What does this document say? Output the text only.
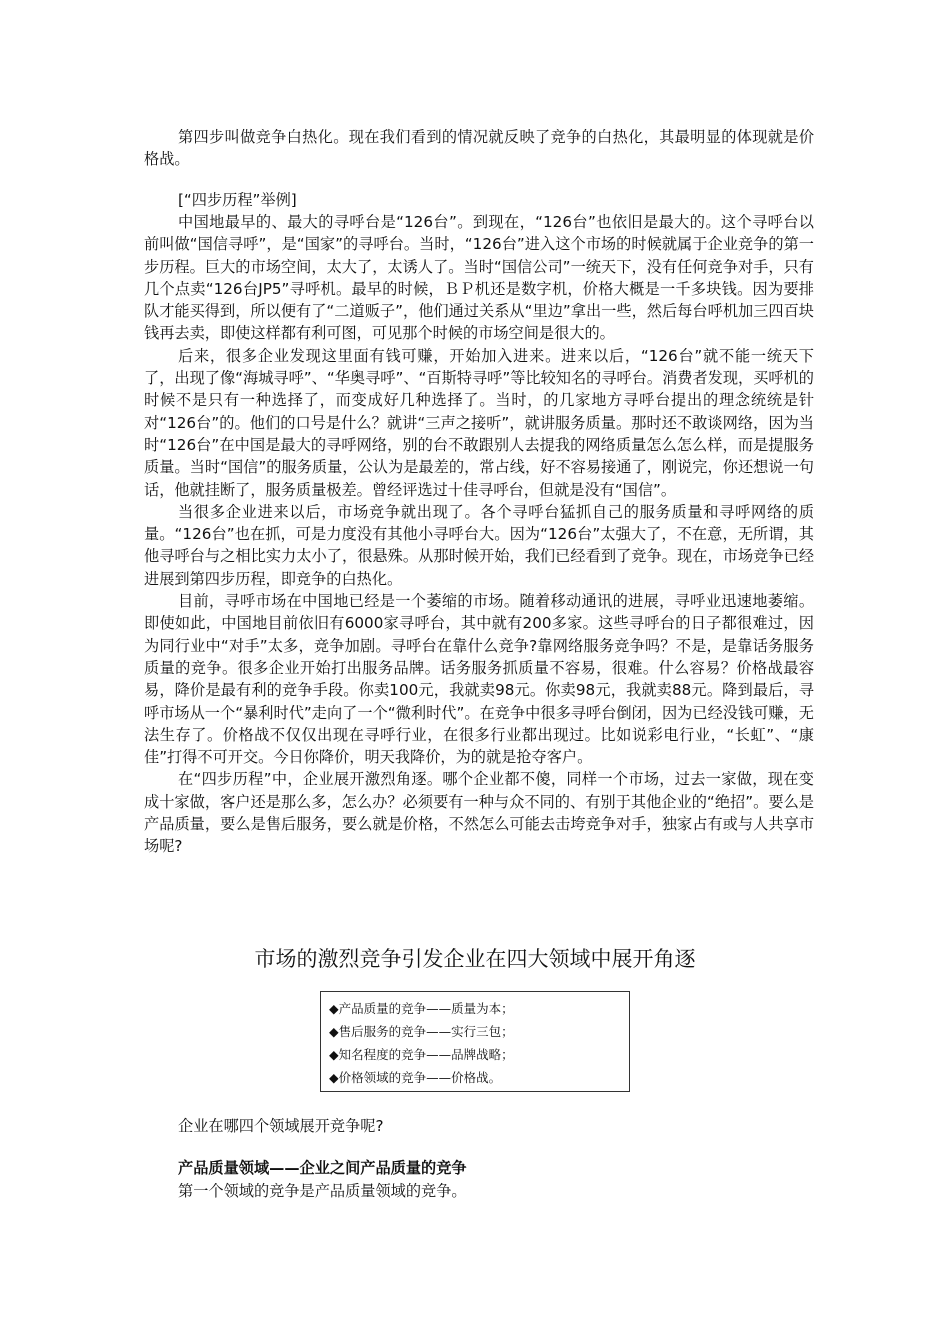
第四步叫做竞争白热化。现在我们看到的情况就反映了竞争的白热化，其最明显的体现就是价格战。

[“四步历程”举例]

中国地最早的、最大的寻呼台是“126台”。到现在，“126台”也依旧是最大的。这个寻呼台以前叫做“国信寻呼”，是“国家”的寻呼台。当时，“126台”进入这个市场的时候就属于企业竞争的第一步历程。巨大的市场空间，太大了，太诱人了。当时“国信公司”一统天下，没有任何竞争对手，只有几个点卖“126台JP5”寻呼机。最早的时候，ＢＰ机还是数字机，价格大概是一千多块钱。因为要排队才能买得到，所以便有了“二道贩子”，他们通过关系从“里边”拿出一些，然后每台呼机加三四百块钱再去卖，即使这样都有利可图，可见那个时候的市场空间是很大的。

后来，很多企业发现这里面有钱可赚，开始加入进来。进来以后，“126台”就不能一统天下了，出现了像“海城寻呼”、“华奥寻呼”、“百斯特寻呼”等比较知名的寻呼台。消费者发现，买呼机的时候不是只有一种选择了，而变成好几种选择了。当时，的几家地方寻呼台提出的理念统统是针对“126台”的。他们的口号是什么？就讲“三声之接听”，就讲服务质量。那时还不敢谈网络，因为当时“126台”在中国是最大的寻呼网络，别的台不敢跟别人去提我的网络质量怎么怎么样，而是提服务质量。当时“国信”的服务质量，公认为是最差的，常占线，好不容易接通了，刚说完，你还想说一句话，他就挂断了，服务质量极差。曾经评选过十佳寻呼台，但就是没有“国信”。

当很多企业进来以后，市场竞争就出现了。各个寻呼台猛抓自己的服务质量和寻呼网络的质量。“126台”也在抓，可是力度没有其他小寻呼台大。因为“126台”太强大了，不在意，无所谓，其他寻呼台与之相比实力太小了，很悬殊。从那时候开始，我们已经看到了竞争。现在，市场竞争已经进展到第四步历程，即竞争的白热化。

目前，寻呼市场在中国地已经是一个萎缩的市场。随着移动通讯的进展，寻呼业迅速地萎缩。即使如此，中国地目前依旧有6000家寻呼台，其中就有200多家。这些寻呼台的日子都很难过，因为同行业中“对手”太多，竞争加剧。寻呼台在靠什么竞争?靠网络服务竞争吗？不是，是靠话务服务质量的竞争。很多企业开始打出服务品牌。话务服务抓质量不容易，很难。什么容易？价格战最容易，降价是最有利的竞争手段。你卖100元，我就卖98元。你卖98元，我就卖88元。降到最后，寻呼市场从一个“暴利时代”走向了一个“微利时代”。在竞争中很多寻呼台倒闭，因为已经没钱可赚，无法生存了。价格战不仅仅出现在寻呼行业，在很多行业都出现过。比如说彩电行业，“长虹”、“康佳”打得不可开交。今日你降价，明天我降价，为的就是抢夺客户。

在“四步历程”中，企业展开激烈角逐。哪个企业都不傻，同样一个市场，过去一家做，现在变成十家做，客户还是那么多，怎么办？必须要有一种与众不同的、有别于其他企业的“绝招”。要么是产品质量，要么是售后服务，要么就是价格，不然怎么可能去击垮竞争对手，独家占有或与人共享市场呢?

市场的激烈竞争引发企业在四大领域中展开角逐
◆产品质量的竞争——质量为本；
◆售后服务的竞争——实行三包；
◆知名程度的竞争——品牌战略；
◆价格领域的竞争——价格战。
企业在哪四个领域展开竞争呢?
产品质量领域——企业之间产品质量的竞争
第一个领域的竞争是产品质量领域的竞争。
